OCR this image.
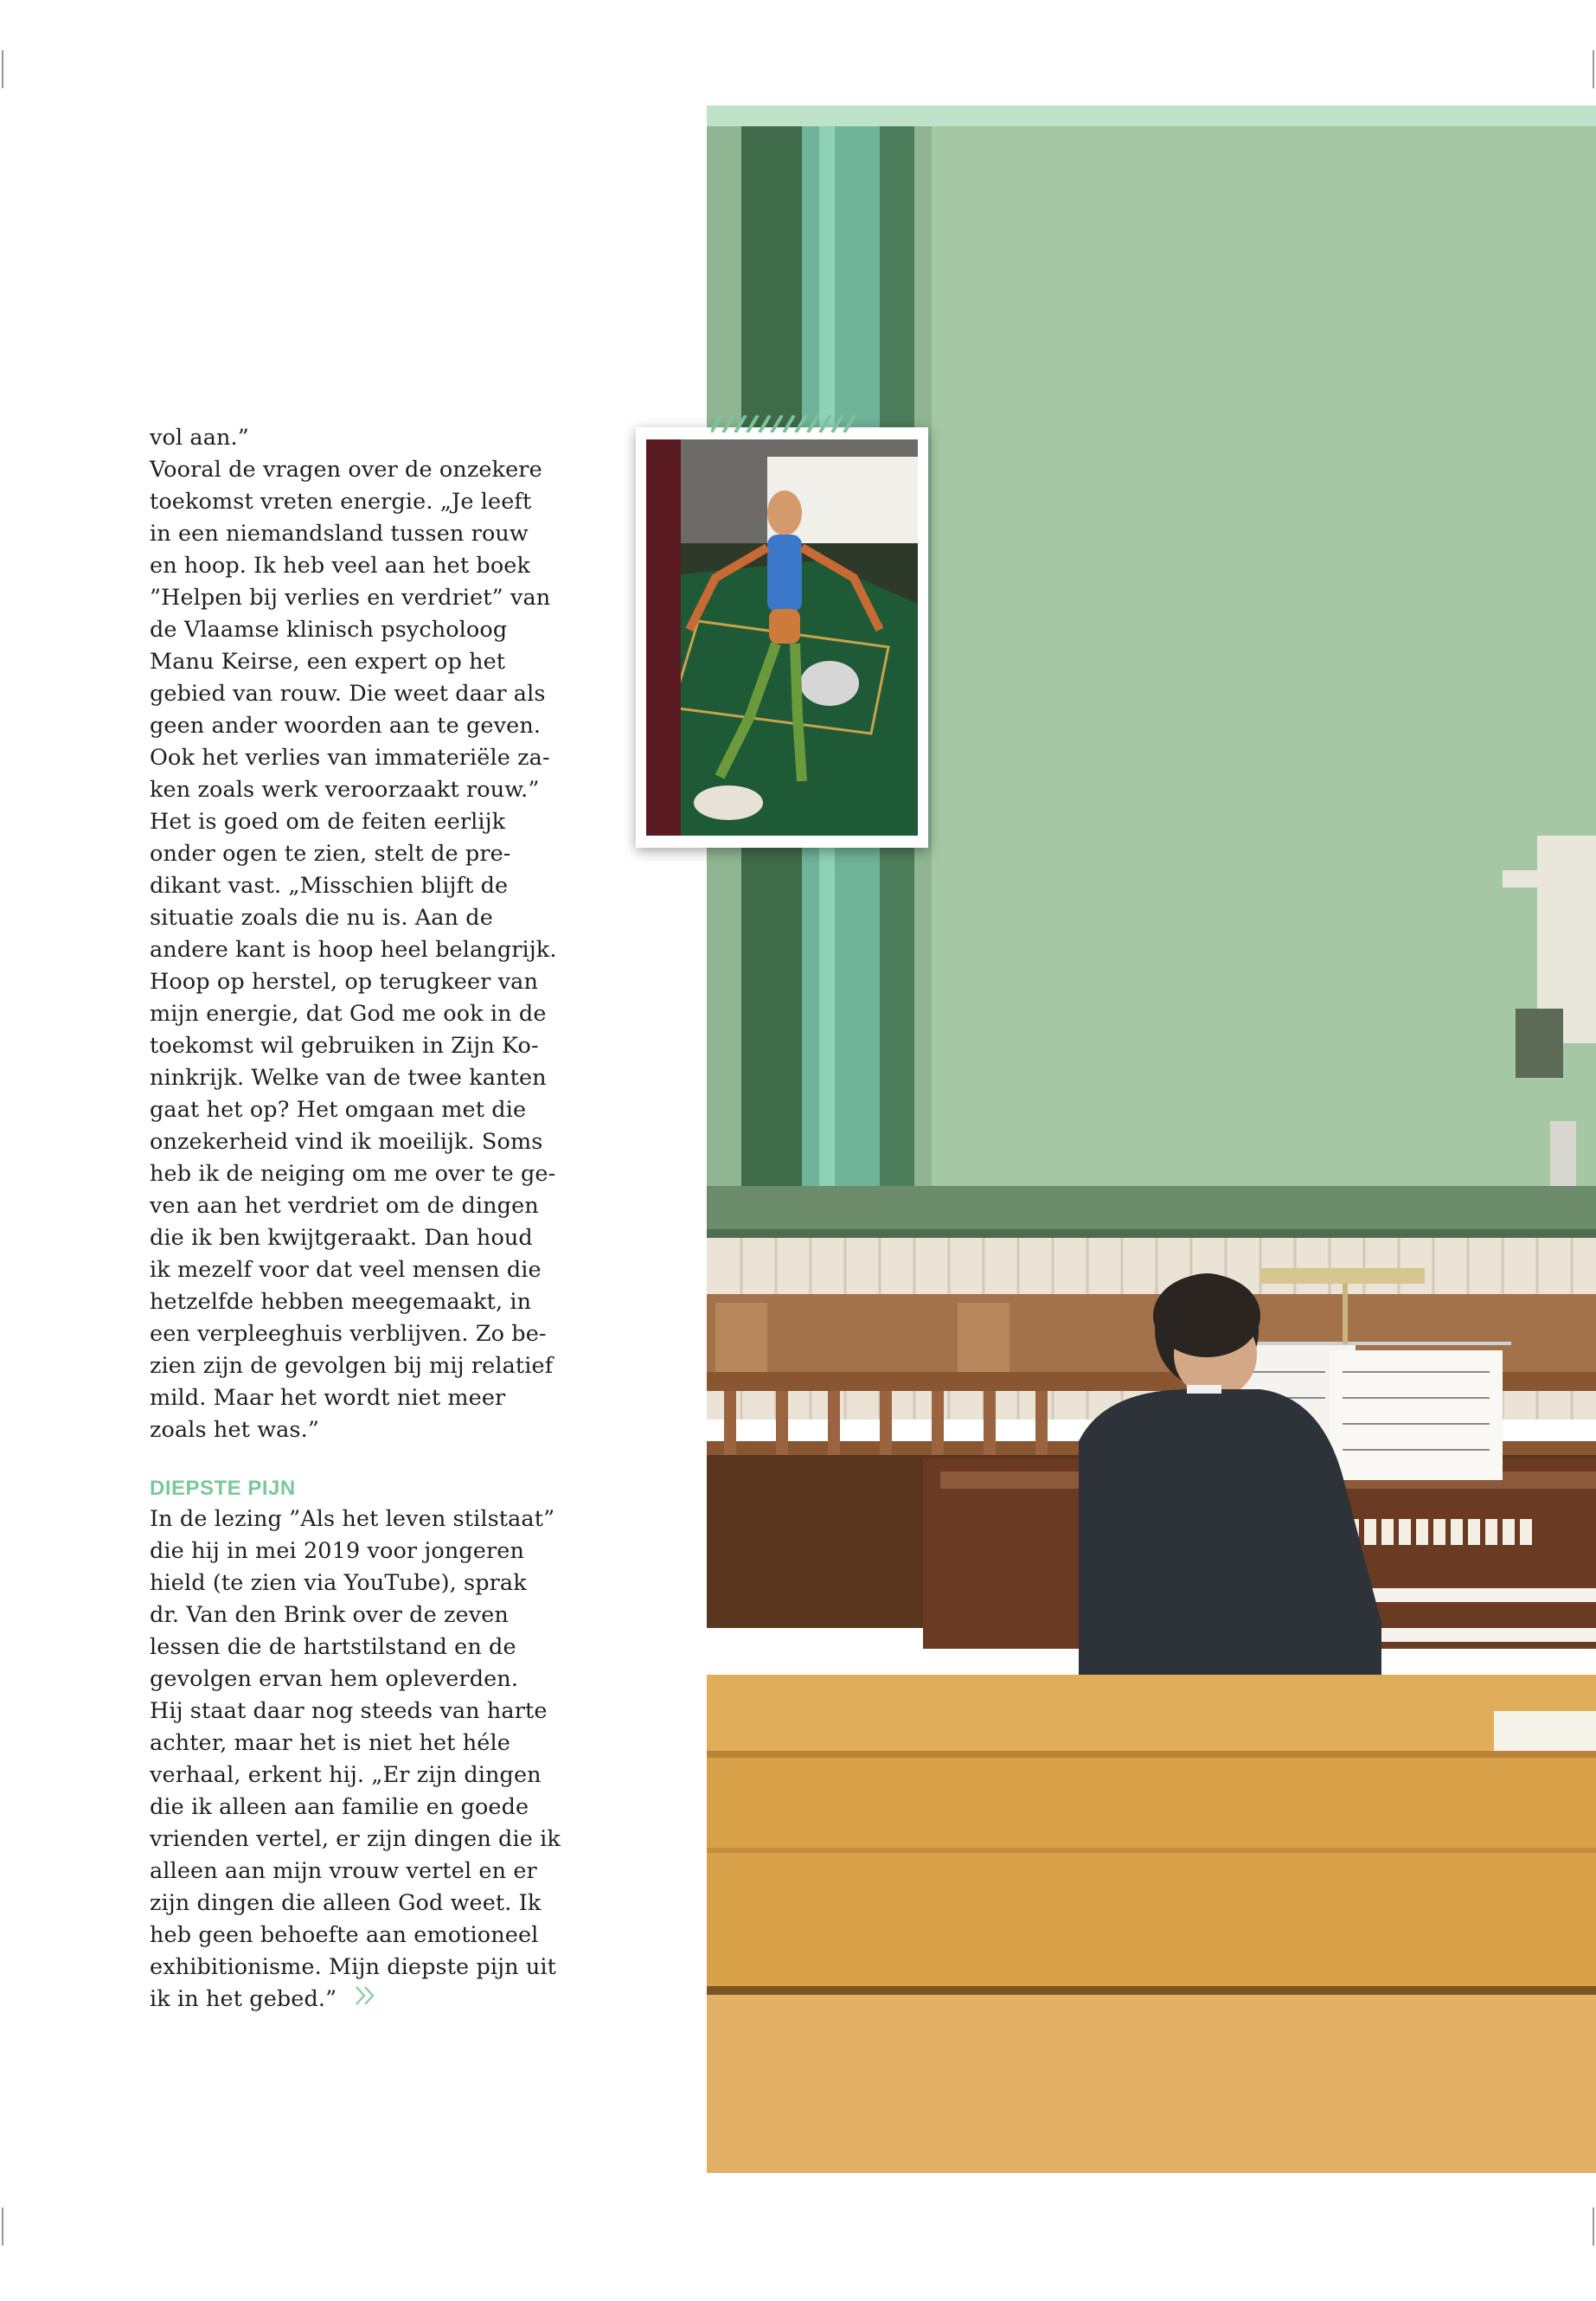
vol aan.”
Vooral de vragen over de onzekere
toekomst vreten energie. „Je leeft
in een niemandsland tussen rouw
en hoop. Ik heb veel aan het boek
”Helpen bij verlies en verdriet” van
de Vlaamse klinisch psycholoog
Manu Keirse, een expert op het
gebied van rouw. Die weet daar als
geen ander woorden aan te geven.
Ook het verlies van immateriële za-
ken zoals werk veroorzaakt rouw.”
Het is goed om de feiten eerlijk
onder ogen te zien, stelt de pre-
dikant vast. „Misschien blijft de
situatie zoals die nu is. Aan de
andere kant is hoop heel belangrijk.
Hoop op herstel, op terugkeer van
mijn energie, dat God me ook in de
toekomst wil gebruiken in Zijn Ko-
ninkrijk. Welke van de twee kanten
gaat het op? Het omgaan met die
onzekerheid vind ik moeilijk. Soms
heb ik de neiging om me over te ge-
ven aan het verdriet om de dingen
die ik ben kwijtgeraakt. Dan houd
ik mezelf voor dat veel mensen die
hetzelfde hebben meegemaakt, in
een verpleeghuis verblijven. Zo be-
zien zijn de gevolgen bij mij relatief
mild. Maar het wordt niet meer
zoals het was.”

DIEPSTE PIJN

In de lezing ”Als het leven stilstaat”
die hij in mei 2019 voor jongeren
hield (te zien via YouTube), sprak
dr. Van den Brink over de zeven
lessen die de hartstilstand en de
gevolgen ervan hem opleverden.
Hij staat daar nog steeds van harte
achter, maar het is niet het héle
verhaal, erkent hij. „Er zijn dingen
die ik alleen aan familie en goede
vrienden vertel, er zijn dingen die ik
alleen aan mijn vrouw vertel en er
zijn dingen die alleen God weet. Ik
heb geen behoefte aan emotioneel
exhibitionisme. Mijn diepste pijn uit
ik in het gebed.”
